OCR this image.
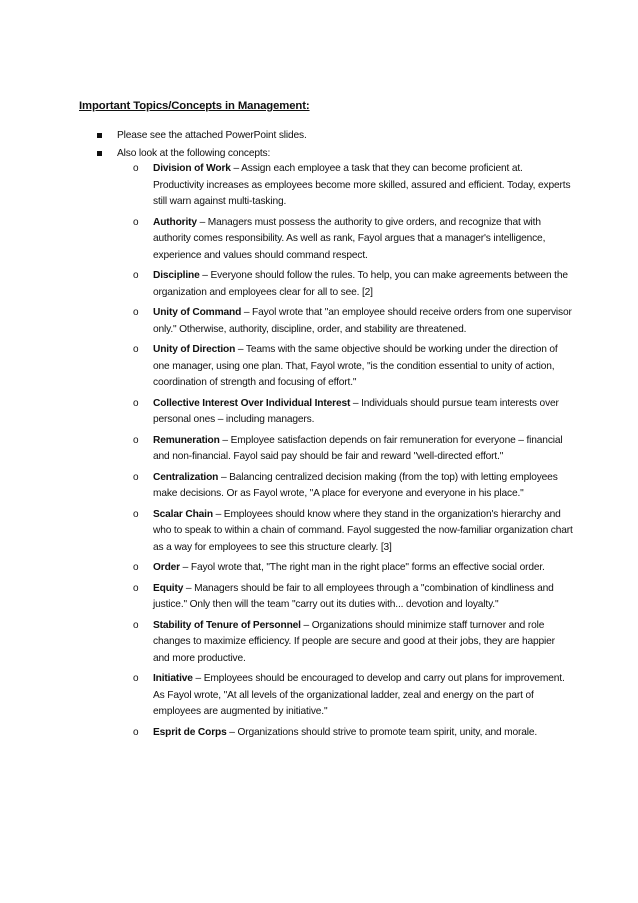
Important Topics/Concepts in Management:
Please see the attached PowerPoint slides.
Also look at the following concepts:
o Division of Work – Assign each employee a task that they can become proficient at. Productivity increases as employees become more skilled, assured and efficient. Today, experts still warn against multi-tasking.
o Authority – Managers must possess the authority to give orders, and recognize that with authority comes responsibility. As well as rank, Fayol argues that a manager's intelligence, experience and values should command respect.
o Discipline – Everyone should follow the rules. To help, you can make agreements between the organization and employees clear for all to see. [2]
o Unity of Command – Fayol wrote that "an employee should receive orders from one supervisor only." Otherwise, authority, discipline, order, and stability are threatened.
o Unity of Direction – Teams with the same objective should be working under the direction of one manager, using one plan. That, Fayol wrote, "is the condition essential to unity of action, coordination of strength and focusing of effort."
o Collective Interest Over Individual Interest – Individuals should pursue team interests over personal ones – including managers.
o Remuneration – Employee satisfaction depends on fair remuneration for everyone – financial and non-financial. Fayol said pay should be fair and reward "well-directed effort."
o Centralization – Balancing centralized decision making (from the top) with letting employees make decisions. Or as Fayol wrote, "A place for everyone and everyone in his place."
o Scalar Chain – Employees should know where they stand in the organization's hierarchy and who to speak to within a chain of command. Fayol suggested the now-familiar organization chart as a way for employees to see this structure clearly. [3]
o Order – Fayol wrote that, "The right man in the right place" forms an effective social order.
o Equity – Managers should be fair to all employees through a "combination of kindliness and justice." Only then will the team "carry out its duties with... devotion and loyalty."
o Stability of Tenure of Personnel – Organizations should minimize staff turnover and role changes to maximize efficiency. If people are secure and good at their jobs, they are happier and more productive.
o Initiative – Employees should be encouraged to develop and carry out plans for improvement. As Fayol wrote, "At all levels of the organizational ladder, zeal and energy on the part of employees are augmented by initiative."
o Esprit de Corps – Organizations should strive to promote team spirit, unity, and morale.
